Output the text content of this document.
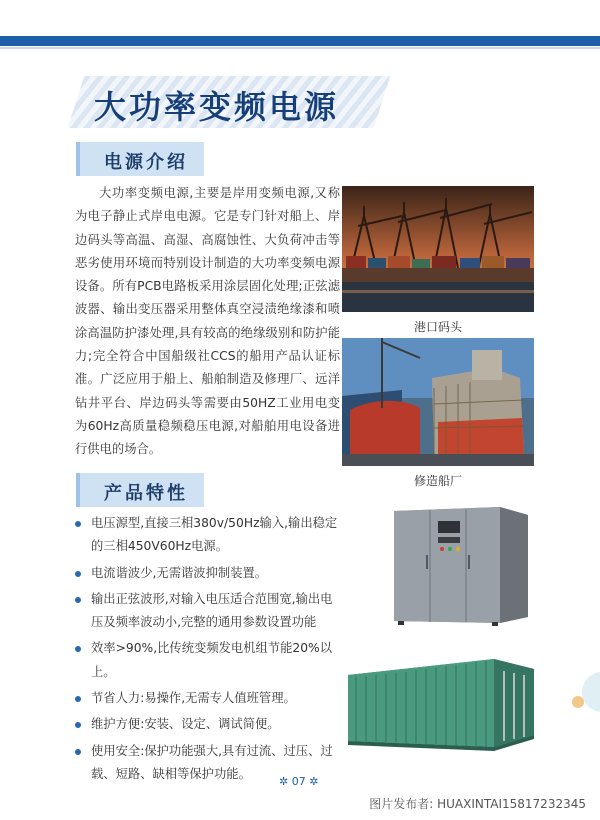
大功率变频电源
电源介绍

大功率变频电源,主要是岸用变频电源,又称为电子静止式岸电电源。它是专门针对船上、岸边码头等高温、高湿、高腐蚀性、大负荷冲击等恶劣使用环境而特别设计制造的大功率变频电源设备。所有PCB电路板采用涂层固化处理;正弦滤波器、输出变压器采用整体真空浸渍绝缘漆和喷涂高温防护漆处理,具有较高的绝缘级别和防护能力;完全符合中国船级社CCS的船用产品认证标准。广泛应用于船上、船舶制造及修理厂、远洋钻井平台、岸边码头等需要由50HZ工业用电变为60Hz高质量稳频稳压电源,对船舶用电设备进行供电的场合。

港口码头
修造船厂
产品特性
电压源型,直接三相380v/50Hz输入,输出稳定的三相450V60Hz电源。
电流谐波少,无需谐波抑制装置。
输出正弦波形,对输入电压适合范围宽,输出电压及频率波动小,完整的通用参数设置功能
效率>90%,比传统变频发电机组节能20%以上。
节省人力:易操作,无需专人值班管理。
维护方便:安装、设定、调试简便。
使用安全:保护功能强大,具有过流、过压、过载、短路、缺相等保护功能。
✲ 07 ✲
图片发布者: HUAXINTAI15817232345
